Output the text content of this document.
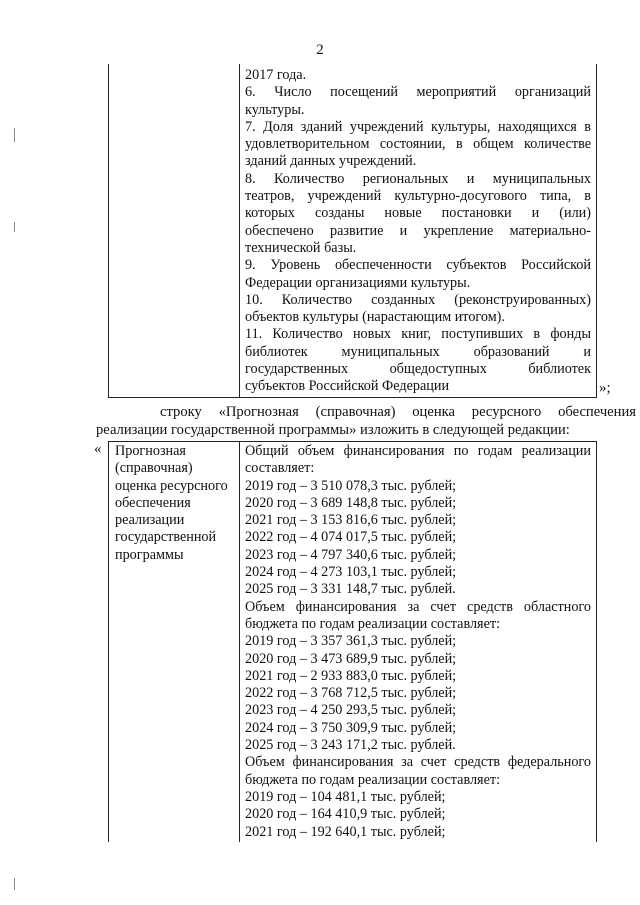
2
2017 года.
6. Число посещений мероприятий организаций
культуры.
7. Доля зданий учреждений культуры, находящихся в
удовлетворительном состоянии, в общем количестве
зданий данных учреждений.
8. Количество региональных и муниципальных
театров, учреждений культурно-досугового типа, в
которых созданы новые постановки и (или)
обеспечено развитие и укрепление материально-
технической базы.
9. Уровень обеспеченности субъектов Российской
Федерации организациями культуры.
10. Количество созданных (реконструированных)
объектов культуры (нарастающим итогом).
11. Количество новых книг, поступивших в фонды
библиотек муниципальных образований и
государственных общедоступных библиотек
субъектов Российской Федерации	»;
строку «Прогнозная (справочная) оценка ресурсного обеспечения
реализации государственной программы» изложить в следующей редакции:
« Прогнозная
(справочная)
оценка ресурсного
обеспечения
реализации
государственной
программы
Общий объем финансирования по годам реализации
составляет:
2019 год – 3 510 078,3 тыс. рублей;
2020 год – 3 689 148,8 тыс. рублей;
2021 год – 3 153 816,6 тыс. рублей;
2022 год – 4 074 017,5 тыс. рублей;
2023 год – 4 797 340,6 тыс. рублей;
2024 год – 4 273 103,1 тыс. рублей;
2025 год – 3 331 148,7 тыс. рублей.
Объем финансирования за счет средств областного
бюджета по годам реализации составляет:
2019 год – 3 357 361,3 тыс. рублей;
2020 год – 3 473 689,9 тыс. рублей;
2021 год – 2 933 883,0 тыс. рублей;
2022 год – 3 768 712,5 тыс. рублей;
2023 год – 4 250 293,5 тыс. рублей;
2024 год – 3 750 309,9 тыс. рублей;
2025 год – 3 243 171,2 тыс. рублей.
Объем финансирования за счет средств федерального
бюджета по годам реализации составляет:
2019 год – 104 481,1 тыс. рублей;
2020 год – 164 410,9 тыс. рублей;
2021 год – 192 640,1 тыс. рублей;
